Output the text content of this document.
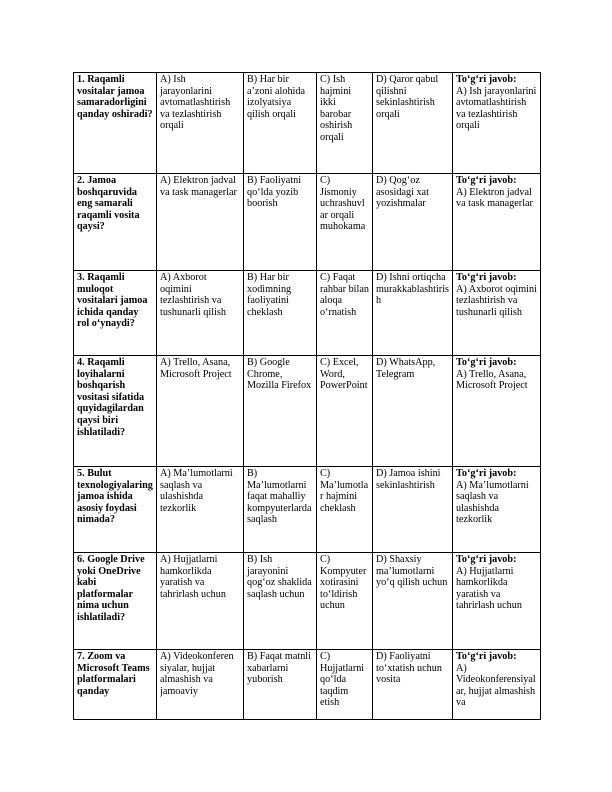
1. Raqamli vositalar jamoa samaradorligini qanday oshiradi?	A) Ish jarayonlarini avtomatlashtirish va tezlashtirish orqali	B) Har bir a’zoni alohida izolyatsiya qilish orqali	C) Ish hajmini ikki barobar oshirish orqali	D) Qaror qabul qilishni sekinlashtirish orqali	To‘g‘ri javob:
A) Ish jarayonlarini avtomatlashtirish va tezlashtirish orqali

2. Jamoa boshqaruvida eng samarali raqamli vosita qaysi?	A) Elektron jadval va task managerlar	B) Faoliyatni qo‘lda yozib boorish	C) Jismoniy uchrashuvlar orqali muhokama	D) Qog‘oz asosidagi xat yozishmalar	To‘g‘ri javob:
A) Elektron jadval va task managerlar

3. Raqamli muloqot vositalari jamoa ichida qanday rol o‘ynaydi?	A) Axborot oqimini tezlashtirish va tushunarli qilish	B) Har bir xodimning faoliyatini cheklash	C) Faqat rahbar bilan aloqa o‘rnatish	D) Ishni ortiqcha murakkablashtirish	To‘g‘ri javob:
A) Axborot oqimini tezlashtirish va tushunarli qilish

4. Raqamli loyihalarni boshqarish vositasi sifatida quyidagilardan qaysi biri ishlatiladi?	A) Trello, Asana, Microsoft Project	B) Google Chrome, Mozilla Firefox	C) Excel, Word, PowerPoint	D) WhatsApp, Telegram	To‘g‘ri javob:
A) Trello, Asana, Microsoft Project

5. Bulut texnologiyalaring jamoa ishida asosiy foydasi nimada?	A) Ma’lumotlarni saqlash va ulashishda tezkorlik	B) Ma’lumotlarni faqat mahalliy kompyuterlarda saqlash	C) Ma’lumotlar hajmini cheklash	D) Jamoa ishini sekinlashtirish	To‘g‘ri javob:
A) Ma’lumotlarni saqlash va ulashishda tezkorlik

6. Google Drive yoki OneDrive kabi platformalar nima uchun ishlatiladi?	A) Hujjatlarni hamkorlikda yaratish va tahrirlash uchun	B) Ish jarayonini qog‘oz shaklida saqlash uchun	C) Kompyuter xotirasini to‘ldirish uchun	D) Shaxsiy ma’lumotlarni yo‘q qilish uchun	To‘g‘ri javob:
A) Hujjatlarni hamkorlikda yaratish va tahrirlash uchun

7. Zoom va Microsoft Teams platformalari qanday	A) Videokonferen siyalar, hujjat almashish va jamoaviy	B) Faqat matnli xabarlarni yuborish	C) Hujjatlarni qo‘lda taqdim etish	D) Faoliyatni to‘xtatish uchun vosita	To‘g‘ri javob:
A) Videokonferensiyalar, hujjat almashish va
